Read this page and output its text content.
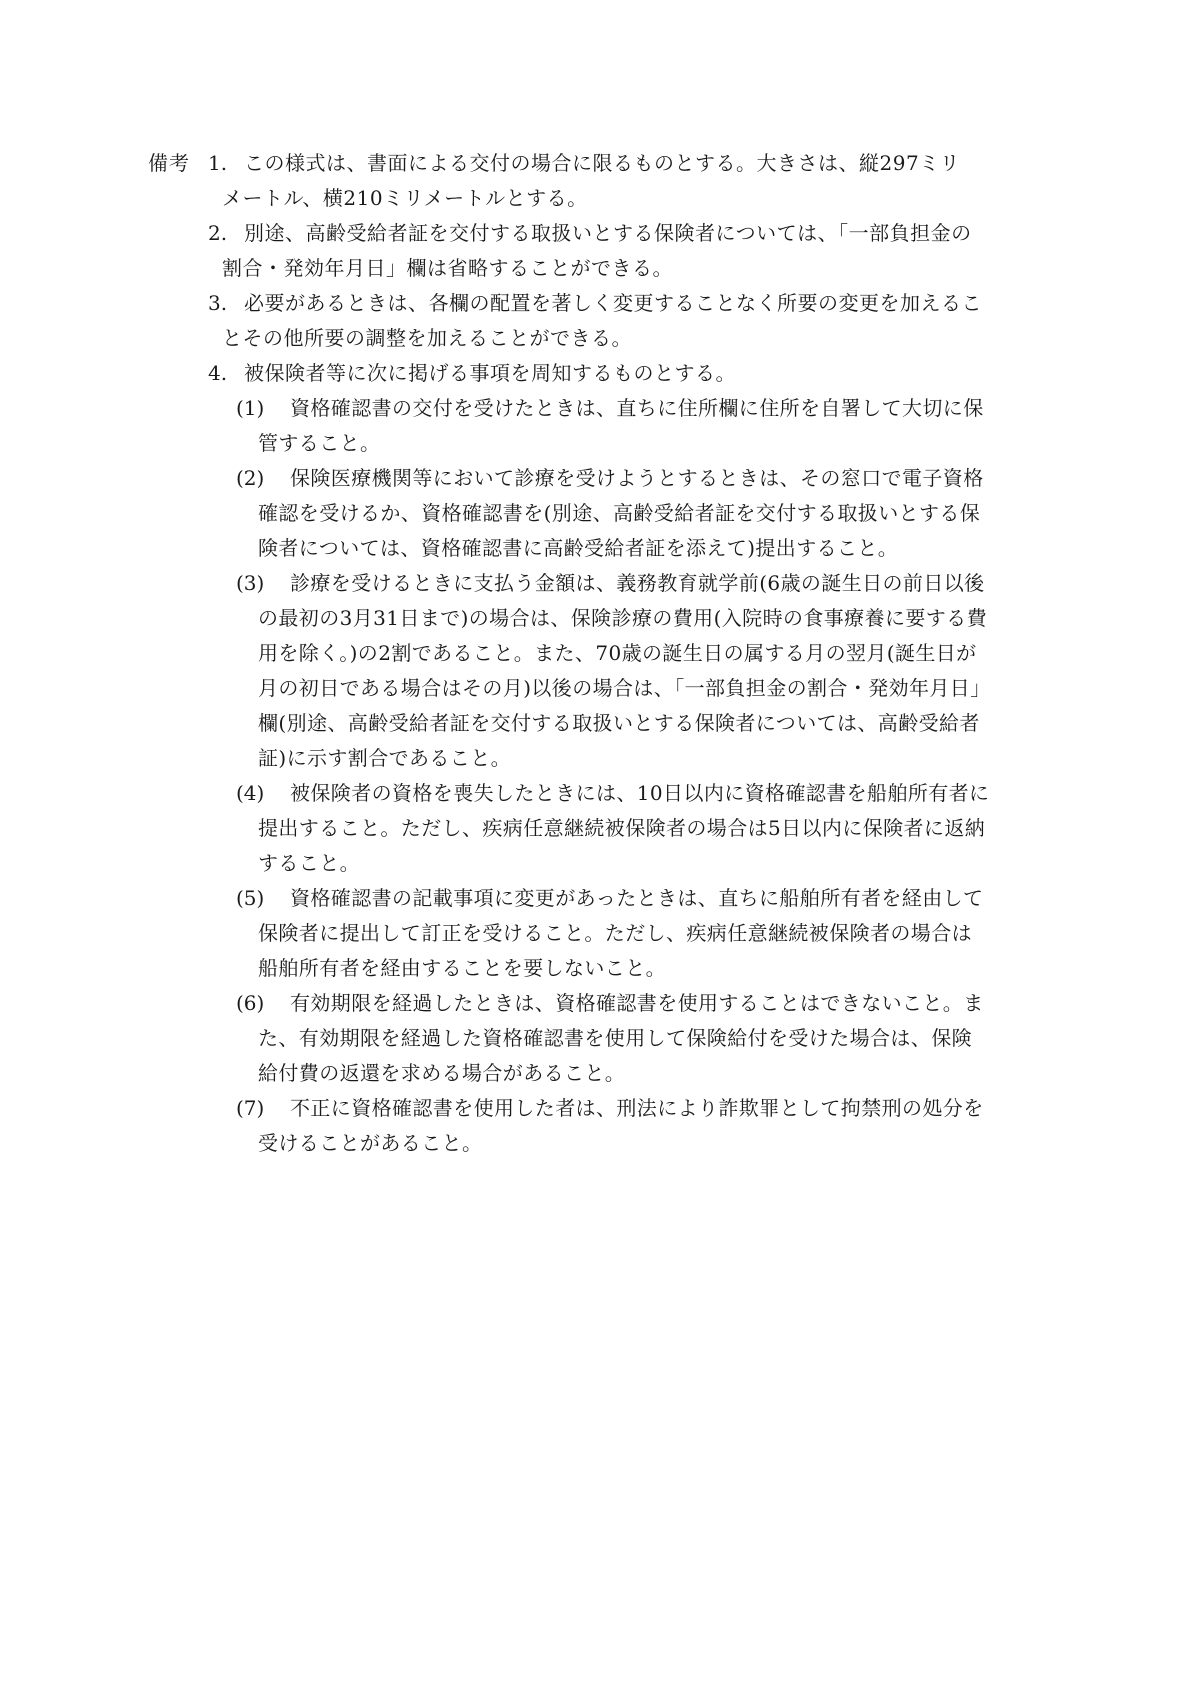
備考 1. この様式は、書面による交付の場合に限るものとする。大きさは、縦297ミリ
メートル、横210ミリメートルとする。
2. 別途、高齢受給者証を交付する取扱いとする保険者については、「一部負担金の
割合・発効年月日」欄は省略することができる。
3. 必要があるときは、各欄の配置を著しく変更することなく所要の変更を加えるこ
とその他所要の調整を加えることができる。
4. 被保険者等に次に掲げる事項を周知するものとする。
(1) 資格確認書の交付を受けたときは、直ちに住所欄に住所を自署して大切に保
管すること。
(2) 保険医療機関等において診療を受けようとするときは、その窓口で電子資格
確認を受けるか、資格確認書を(別途、高齢受給者証を交付する取扱いとする保
険者については、資格確認書に高齢受給者証を添えて)提出すること。
(3) 診療を受けるときに支払う金額は、義務教育就学前(6歳の誕生日の前日以後
の最初の3月31日まで)の場合は、保険診療の費用(入院時の食事療養に要する費
用を除く。)の2割であること。また、70歳の誕生日の属する月の翌月(誕生日が
月の初日である場合はその月)以後の場合は、「一部負担金の割合・発効年月日」
欄(別途、高齢受給者証を交付する取扱いとする保険者については、高齢受給者
証)に示す割合であること。
(4) 被保険者の資格を喪失したときには、10日以内に資格確認書を船舶所有者に
提出すること。ただし、疾病任意継続被保険者の場合は5日以内に保険者に返納
すること。
(5) 資格確認書の記載事項に変更があったときは、直ちに船舶所有者を経由して
保険者に提出して訂正を受けること。ただし、疾病任意継続被保険者の場合は
船舶所有者を経由することを要しないこと。
(6) 有効期限を経過したときは、資格確認書を使用することはできないこと。ま
た、有効期限を経過した資格確認書を使用して保険給付を受けた場合は、保険
給付費の返還を求める場合があること。
(7) 不正に資格確認書を使用した者は、刑法により詐欺罪として拘禁刑の処分を
受けることがあること。
